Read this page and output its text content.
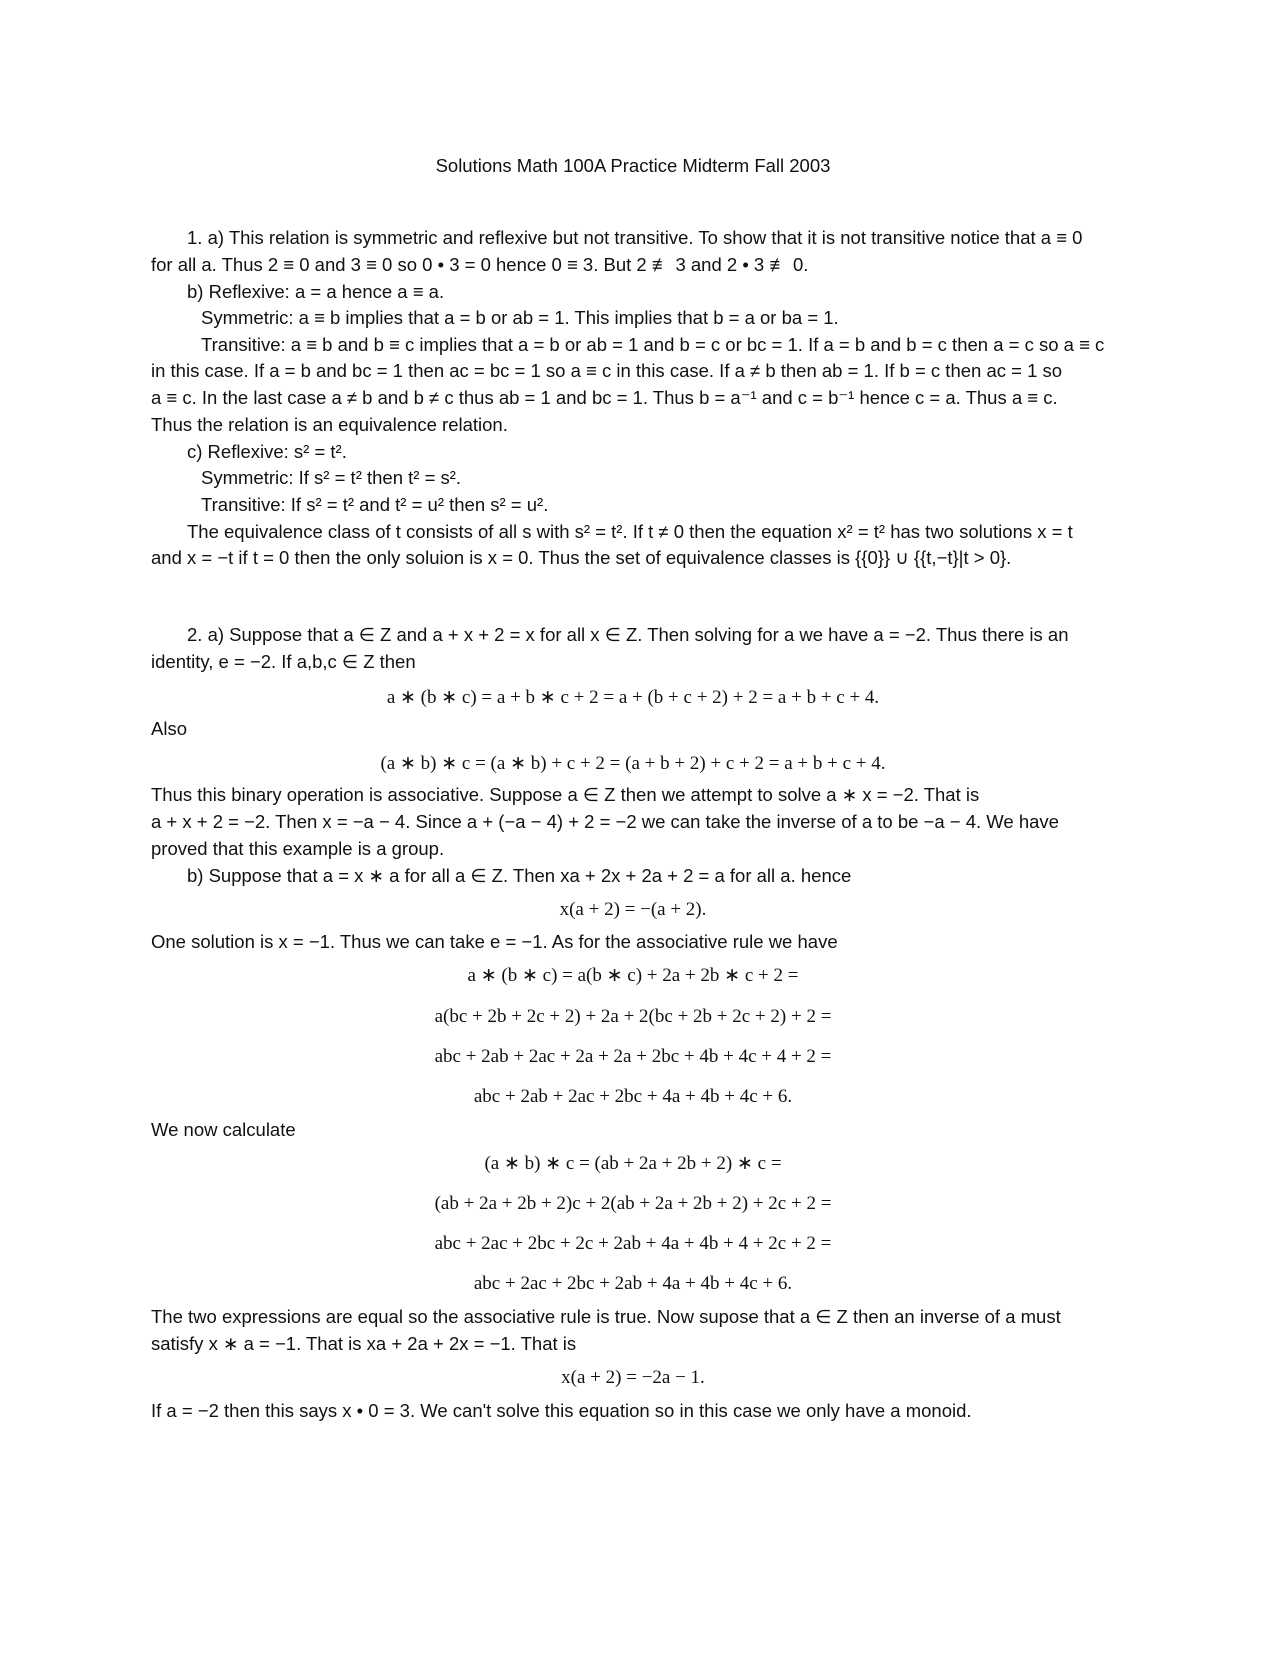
Solutions Math 100A Practice Midterm Fall 2003
1. a) This relation is symmetric and reflexive but not transitive. To show that it is not transitive notice that a ≡ 0
for all a. Thus 2 ≡ 0 and 3 ≡ 0 so 0 • 3 = 0 hence 0 ≡ 3. But 2 ≢ 3 and 2 • 3 ≢ 0.
b) Reflexive: a = a hence a ≡ a.
Symmetric: a ≡ b implies that a = b or ab = 1. This implies that b = a or ba = 1.
Transitive: a ≡ b and b ≡ c implies that a = b or ab = 1 and b = c or bc = 1. If a = b and b = c then a = c so a ≡ c
in this case. If a = b and bc = 1 then ac = bc = 1 so a ≡ c in this case. If a ≠ b then ab = 1. If b = c then ac = 1 so
a ≡ c. In the last case a ≠ b and b ≠ c thus ab = 1 and bc = 1. Thus b = a⁻¹ and c = b⁻¹ hence c = a. Thus a ≡ c.
Thus the relation is an equivalence relation.
c) Reflexive: s² = t².
Symmetric: If s² = t² then t² = s².
Transitive: If s² = t² and t² = u² then s² = u².
The equivalence class of t consists of all s with s² = t². If t ≠ 0 then the equation x² = t² has two solutions x = t
and x = −t if t = 0 then the only soluion is x = 0. Thus the set of equivalence classes is {{0}} ∪ {{t,−t}|t > 0}.
2. a) Suppose that a ∈ Z and a + x + 2 = x for all x ∈ Z. Then solving for a we have a = −2. Thus there is an
identity, e = −2. If a,b,c ∈ Z then
a ∗ (b ∗ c) = a + b ∗ c + 2 = a + (b + c + 2) + 2 = a + b + c + 4.
Also
(a ∗ b) ∗ c = (a ∗ b) + c + 2 = (a + b + 2) + c + 2 = a + b + c + 4.
Thus this binary operation is associative. Suppose a ∈ Z then we attempt to solve a ∗ x = −2. That is
a + x + 2 = −2. Then x = −a − 4. Since a + (−a − 4) + 2 = −2 we can take the inverse of a to be −a − 4. We have
proved that this example is a group.
b) Suppose that a = x ∗ a for all a ∈ Z. Then xa + 2x + 2a + 2 = a for all a. hence
x(a + 2) = −(a + 2).
One solution is x = −1. Thus we can take e = −1. As for the associative rule we have
a ∗ (b ∗ c) = a(b ∗ c) + 2a + 2b ∗ c + 2 =
a(bc + 2b + 2c + 2) + 2a + 2(bc + 2b + 2c + 2) + 2 =
abc + 2ab + 2ac + 2a + 2a + 2bc + 4b + 4c + 4 + 2 =
abc + 2ab + 2ac + 2bc + 4a + 4b + 4c + 6.
We now calculate
(a ∗ b) ∗ c = (ab + 2a + 2b + 2) ∗ c =
(ab + 2a + 2b + 2)c + 2(ab + 2a + 2b + 2) + 2c + 2 =
abc + 2ac + 2bc + 2c + 2ab + 4a + 4b + 4 + 2c + 2 =
abc + 2ac + 2bc + 2ab + 4a + 4b + 4c + 6.
The two expressions are equal so the associative rule is true. Now supose that a ∈ Z then an inverse of a must
satisfy x ∗ a = −1. That is xa + 2a + 2x = −1. That is
x(a + 2) = −2a − 1.
If a = −2 then this says x • 0 = 3. We can't solve this equation so in this case we only have a monoid.
